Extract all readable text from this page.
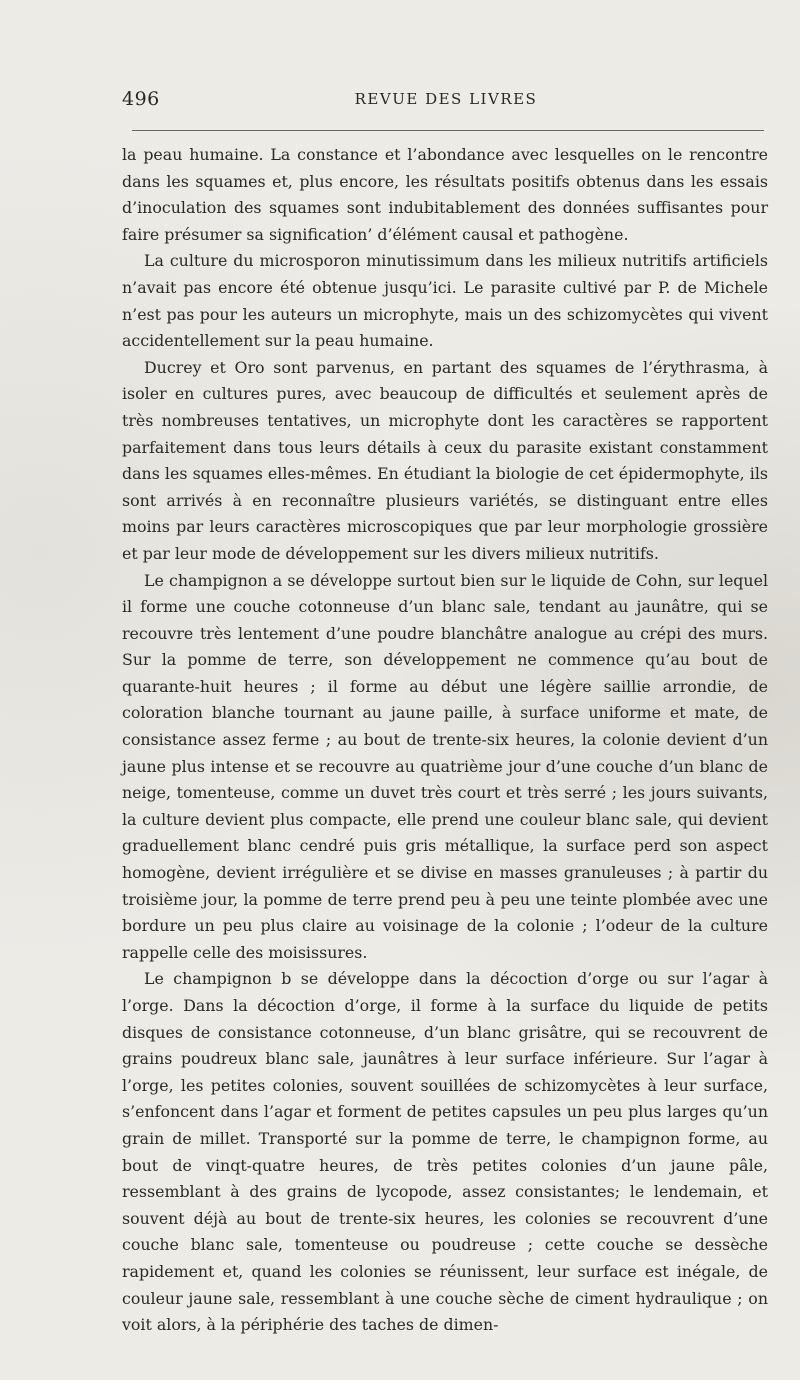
496	REVUE DES LIVRES

la peau humaine. La constance et l’abondance avec lesquelles on le rencontre dans les squames et, plus encore, les résultats positifs obtenus dans les essais d’inoculation des squames sont indubitablement des données suffisantes pour faire présumer sa signification’ d’élément causal et pathogène.

La culture du microsporon minutissimum dans les milieux nutritifs artificiels n’avait pas encore été obtenue jusqu’ici. Le parasite cultivé par P. de Michele n’est pas pour les auteurs un microphyte, mais un des schizomycètes qui vivent accidentellement sur la peau humaine.

Ducrey et Oro sont parvenus, en partant des squames de l’érythrasma, à isoler en cultures pures, avec beaucoup de difficultés et seulement après de très nombreuses tentatives, un microphyte dont les caractères se rapportent parfaitement dans tous leurs détails à ceux du parasite existant constamment dans les squames elles-mêmes. En étudiant la biologie de cet épidermophyte, ils sont arrivés à en reconnaître plusieurs variétés, se distinguant entre elles moins par leurs caractères microscopiques que par leur morphologie grossière et par leur mode de développement sur les divers milieux nutritifs.

Le champignon a se développe surtout bien sur le liquide de Cohn, sur lequel il forme une couche cotonneuse d’un blanc sale, tendant au jaunâtre, qui se recouvre très lentement d’une poudre blanchâtre analogue au crépi des murs. Sur la pomme de terre, son développement ne commence qu’au bout de quarante-huit heures ; il forme au début une légère saillie arrondie, de coloration blanche tournant au jaune paille, à surface uniforme et mate, de consistance assez ferme ; au bout de trente-six heures, la colonie devient d’un jaune plus intense et se recouvre au quatrième jour d’une couche d’un blanc de neige, tomenteuse, comme un duvet très court et très serré ; les jours suivants, la culture devient plus compacte, elle prend une couleur blanc sale, qui devient graduellement blanc cendré puis gris métallique, la surface perd son aspect homogène, devient irrégulière et se divise en masses granuleuses ; à partir du troisième jour, la pomme de terre prend peu à peu une teinte plombée avec une bordure un peu plus claire au voisinage de la colonie ; l’odeur de la culture rappelle celle des moisissures.

Le champignon b se développe dans la décoction d’orge ou sur l’agar à l’orge. Dans la décoction d’orge, il forme à la surface du liquide de petits disques de consistance cotonneuse, d’un blanc grisâtre, qui se recouvrent de grains poudreux blanc sale, jaunâtres à leur surface inférieure. Sur l’agar à l’orge, les petites colonies, souvent souillées de schizomycètes à leur surface, s’enfoncent dans l’agar et forment de petites capsules un peu plus larges qu’un grain de millet. Transporté sur la pomme de terre, le champignon forme, au bout de vinqt-quatre heures, de très petites colonies d’un jaune pâle, ressemblant à des grains de lycopode, assez consistantes; le lendemain, et souvent déjà au bout de trente-six heures, les colonies se recouvrent d’une couche blanc sale, tomenteuse ou poudreuse ; cette couche se dessèche rapidement et, quand les colonies se réunissent, leur surface est inégale, de couleur jaune sale, ressemblant à une couche sèche de ciment hydraulique ; on voit alors, à la périphérie des taches de dimen-
